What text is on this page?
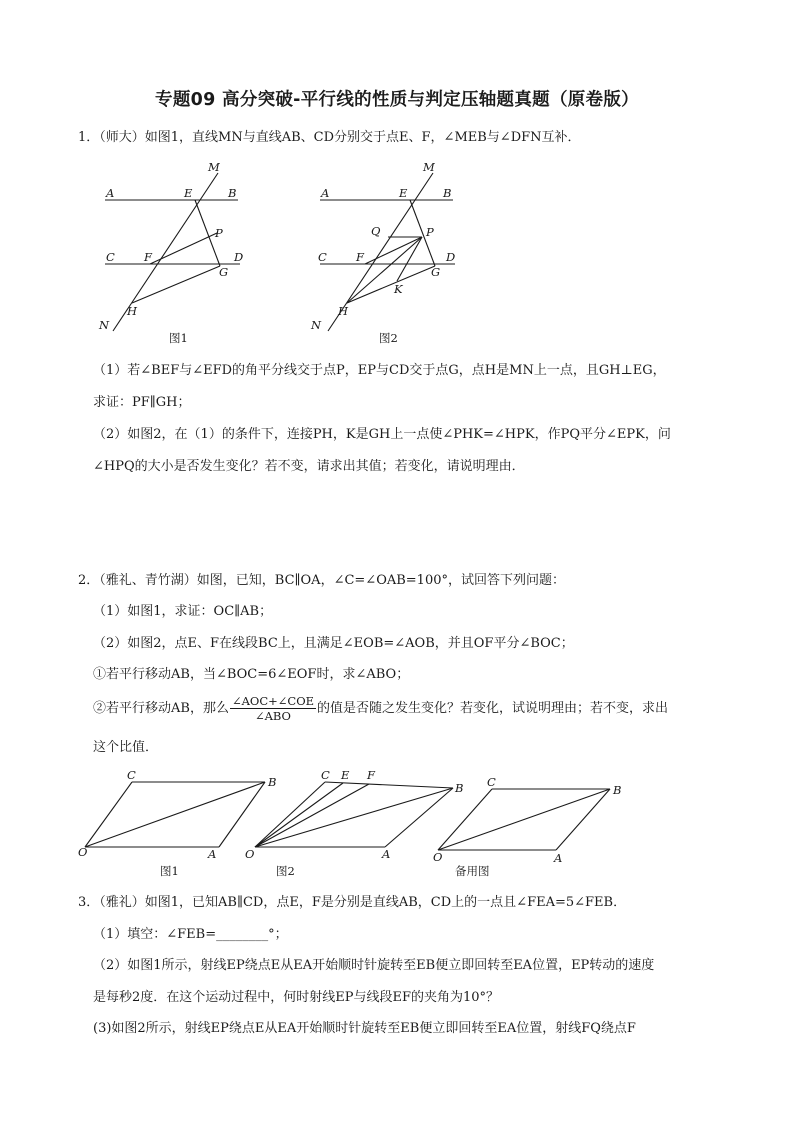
专题09 高分突破-平行线的性质与判定压轴题真题（原卷版）
1．（师大）如图1，直线MN与直线AB、CD分别交于点E、F，∠MEB与∠DFN互补．
M
A	E	B
P
C	F	D
G
H
N
图1
M
A	E	B
Q	P
C	F	D
G
K
H
N
图2
（1）若∠BEF与∠EFD的角平分线交于点P，EP与CD交于点G，点H是MN上一点，且GH⊥EG，
求证：PF∥GH；
（2）如图2，在（1）的条件下，连接PH，K是GH上一点使∠PHK=∠HPK，作PQ平分∠EPK，问
∠HPQ的大小是否发生变化？若不变，请求出其值；若变化，请说明理由．
2．（雅礼、青竹湖）如图，已知，BC∥OA，∠C=∠OAB=100°，试回答下列问题：
（1）如图1，求证：OC∥AB；
（2）如图2，点E、F在线段BC上，且满足∠EOB=∠AOB，并且OF平分∠BOC；
①若平行移动AB，当∠BOC=6∠EOF时，求∠ABO；
②若平行移动AB，那么 $\frac{\text{∠AOC+∠COE}}{\text{∠ABO}}$ 的值是否随之发生变化？若变化，试说明理由；若不变，求出
这个比值．
C	B
O	A
图1
C E F
B
O	A
图2
C
B
O	A
备用图
3．（雅礼）如图1，已知AB∥CD，点E，F是分别是直线AB，CD上的一点且∠FEA=5∠FEB．
（1）填空：∠FEB=________°；
（2）如图1所示，射线EP绕点E从EA开始顺时针旋转至EB便立即回转至EA位置，EP转动的速度
是每秒2度．在这个运动过程中，何时射线EP与线段EF的夹角为10°？
(3)如图2所示，射线EP绕点E从EA开始顺时针旋转至EB便立即回转至EA位置，射线FQ绕点F
